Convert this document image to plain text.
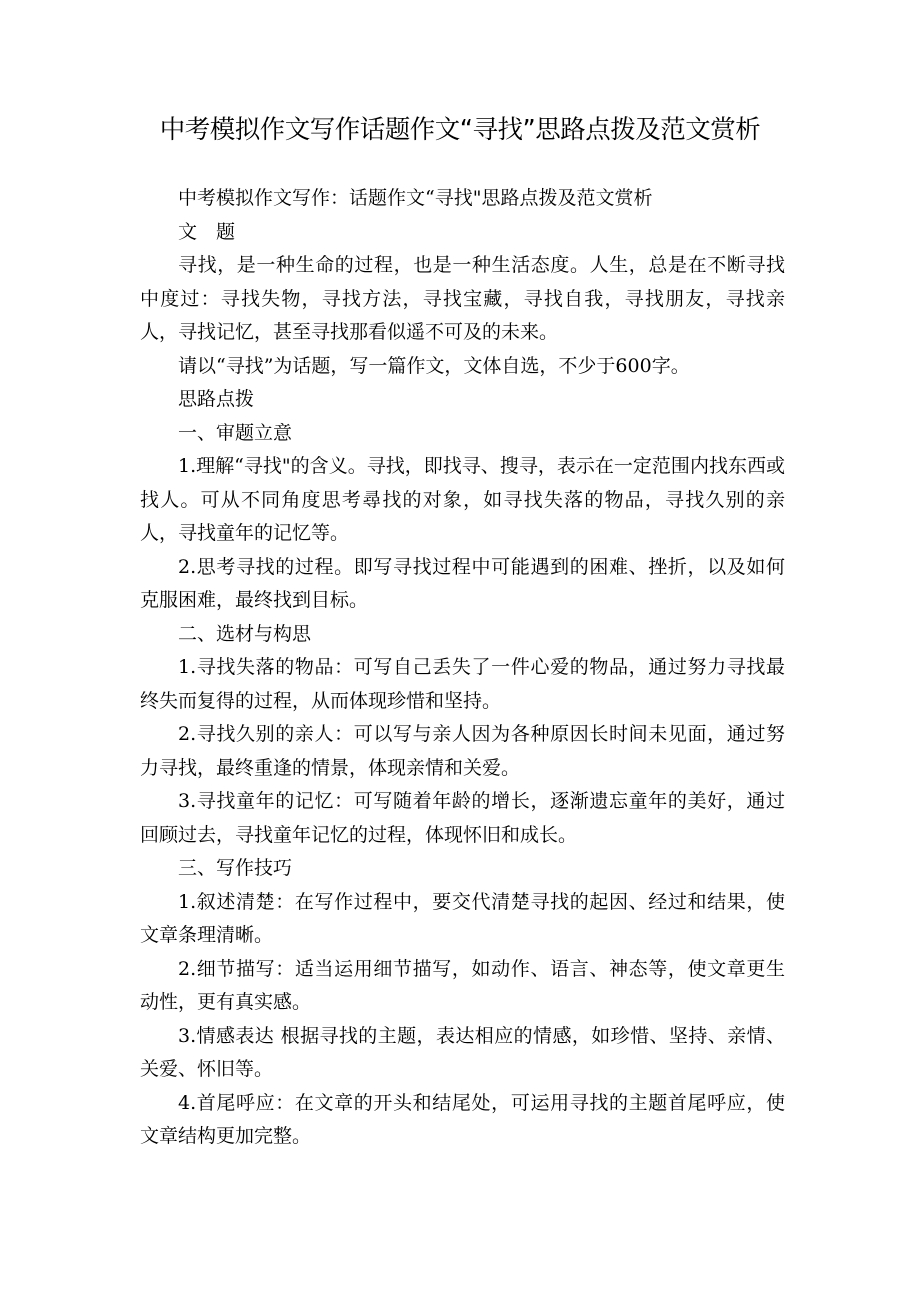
中考模拟作文写作话题作文“寻找”思路点拨及范文赏析

中考模拟作文写作：话题作文“寻找"思路点拨及范文赏析

文　题

寻找，是一种生命的过程，也是一种生活态度。人生，总是在不断寻找中度过：寻找失物，寻找方法，寻找宝藏，寻找自我，寻找朋友，寻找亲人，寻找记忆，甚至寻找那看似遥不可及的未来。

请以“寻找”为话题，写一篇作文，文体自选，不少于600字。

思路点拨

一、审题立意

1.理解“寻找"的含义。寻找，即找寻、搜寻，表示在一定范围内找东西或找人。可从不同角度思考尋找的对象，如寻找失落的物品，寻找久别的亲人，寻找童年的记忆等。

2.思考寻找的过程。即写寻找过程中可能遇到的困难、挫折，以及如何克服困难，最终找到目标。

二、选材与构思

1.寻找失落的物品：可写自己丢失了一件心爱的物品，通过努力寻找最终失而复得的过程，从而体现珍惜和坚持。

2.寻找久别的亲人：可以写与亲人因为各种原因长时间未见面，通过努力寻找，最终重逢的情景，体现亲情和关爱。

3.寻找童年的记忆：可写随着年龄的增长，逐渐遗忘童年的美好，通过回顾过去，寻找童年记忆的过程，体现怀旧和成长。

三、写作技巧

1.叙述清楚：在写作过程中，要交代清楚寻找的起因、经过和结果，使文章条理清晰。

2.细节描写：适当运用细节描写，如动作、语言、神态等，使文章更生动性，更有真实感。

3.情感表达 根据寻找的主题，表达相应的情感，如珍惜、坚持、亲情、关爱、怀旧等。

4.首尾呼应：在文章的开头和结尾处，可运用寻找的主题首尾呼应，使文章结构更加完整。
